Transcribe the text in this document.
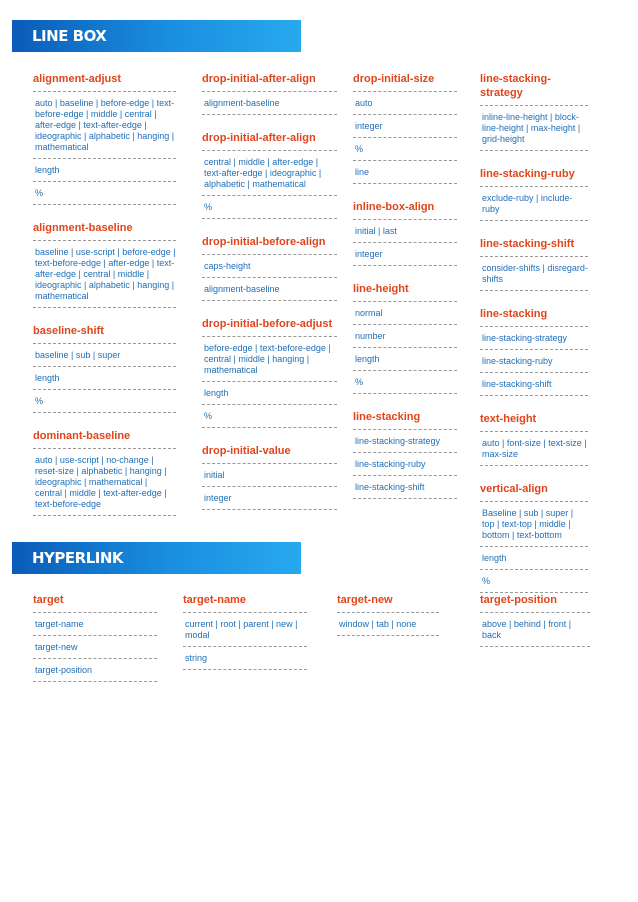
LINE BOX
alignment-adjust
auto | baseline | before-edge | text-before-edge | middle | central | after-edge | text-after-edge | ideographic | alphabetic | hanging | mathematical
length
%
alignment-baseline
baseline | use-script | before-edge | text-before-edge | after-edge | text-after-edge | central | middle | ideographic | alphabetic | hanging | mathematical
baseline-shift
baseline | sub | super
length
%
dominant-baseline
auto | use-script | no-change | reset-size | alphabetic | hanging | ideographic | mathematical | central | middle | text-after-edge | text-before-edge
drop-initial-after-align
alignment-baseline
drop-initial-after-align
central | middle | after-edge | text-after-edge | ideographic | alphabetic | mathematical
%
drop-initial-before-align
caps-height
alignment-baseline
drop-initial-before-adjust
before-edge | text-before-edge | central | middle | hanging | mathematical
length
%
drop-initial-value
initial
integer
drop-initial-size
auto
integer
%
line
inline-box-align
initial | last
integer
line-height
normal
number
length
%
line-stacking
line-stacking-strategy
line-stacking-ruby
line-stacking-shift
line-stacking-strategy
inline-line-height | block-line-height | max-height | grid-height
line-stacking-ruby
exclude-ruby | include-ruby
line-stacking-shift
consider-shifts | disregard-shifts
line-stacking
line-stacking-strategy
line-stacking-ruby
line-stacking-shift
text-height
auto | font-size | text-size | max-size
vertical-align
Baseline | sub | super | top | text-top | middle | bottom | text-bottom
length
%
HYPERLINK
target
target-name
target-new
target-position
target-name
current | root | parent | new | modal
string
target-new
window | tab | none
target-position
above | behind | front | back
